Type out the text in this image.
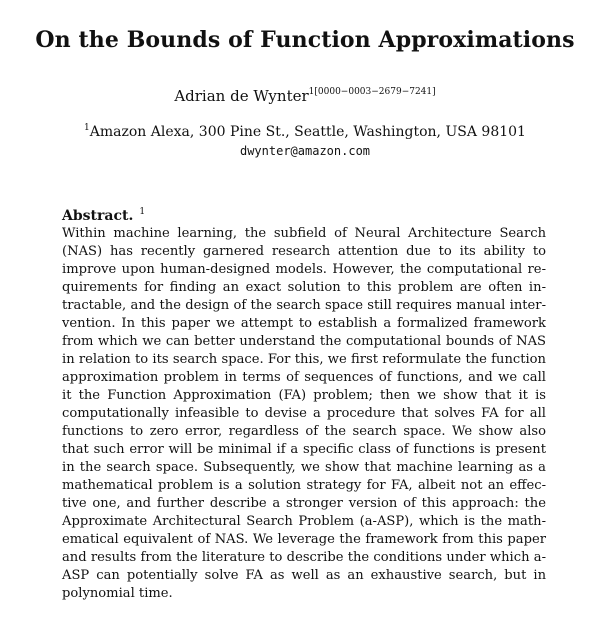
On the Bounds of Function Approximations
Adrian de Wynter$^{1[0000-0003-2679-7241]}$
$^1$Amazon Alexa, 300 Pine St., Seattle, Washington, USA 98101
dwynter@amazon.com
Abstract. $^1$
Within machine learning, the subfield of Neural Architecture Search (NAS) has recently garnered research attention due to its ability to improve upon human-designed models. However, the computational requirements for finding an exact solution to this problem are often intractable, and the design of the search space still requires manual intervention. In this paper we attempt to establish a formalized framework from which we can better understand the computational bounds of NAS in relation to its search space. For this, we first reformulate the function approximation problem in terms of sequences of functions, and we call it the Function Approximation (FA) problem; then we show that it is computationally infeasible to devise a procedure that solves FA for all functions to zero error, regardless of the search space. We show also that such error will be minimal if a specific class of functions is present in the search space. Subsequently, we show that machine learning as a mathematical problem is a solution strategy for FA, albeit not an effective one, and further describe a stronger version of this approach: the Approximate Architectural Search Problem (a-ASP), which is the mathematical equivalent of NAS. We leverage the framework from this paper and results from the literature to describe the conditions under which a-ASP can potentially solve FA as well as an exhaustive search, but in polynomial time.
